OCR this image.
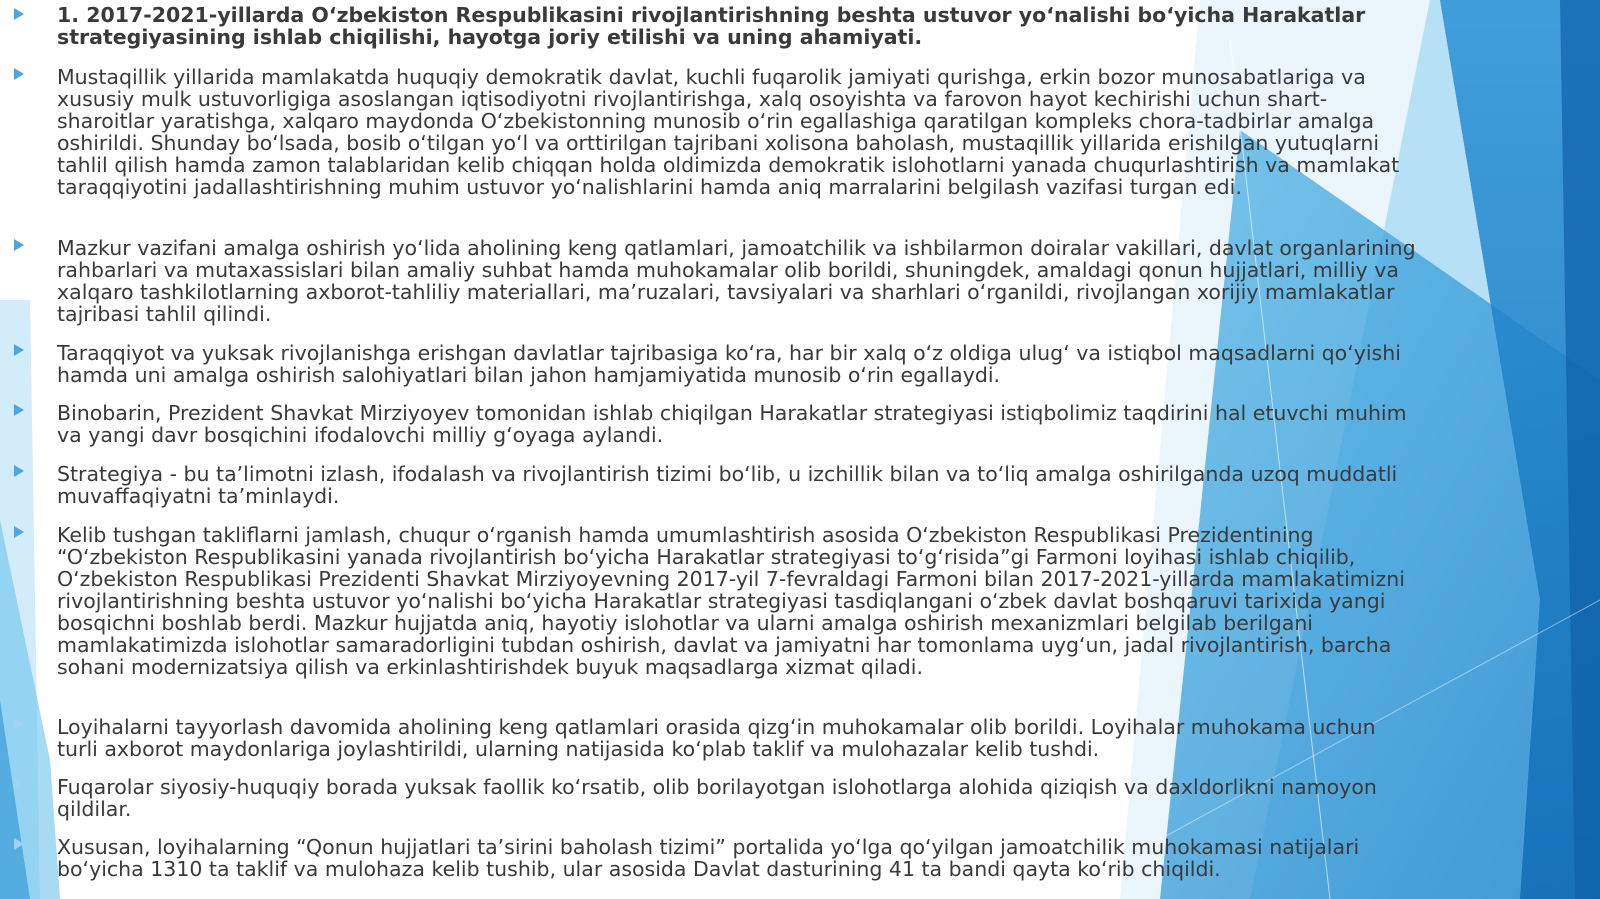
1. 2017-2021-yillarda O‘zbekiston Respublikasini rivojlantirishning beshta ustuvor yo‘nalishi bo‘yicha Harakatlar strategiyasining ishlab chiqilishi, hayotga joriy etilishi va uning ahamiyati.

Mustaqillik yillarida mamlakatda huquqiy demokratik davlat, kuchli fuqarolik jamiyati qurishga, erkin bozor munosabatlariga va xususiy mulk ustuvorligiga asoslangan iqtisodiyotni rivojlantirishga, xalq osoyishta va farovon hayot kechirishi uchun shart-sharoitlar yaratishga, xalqaro maydonda O‘zbekistonning munosib o‘rin egallashiga qaratilgan kompleks chora-tadbirlar amalga oshirildi. Shunday bo‘lsada, bosib o‘tilgan yo‘l va orttirilgan tajribani xolisona baholash, mustaqillik yillarida erishilgan yutuqlarni tahlil qilish hamda zamon talablaridan kelib chiqqan holda oldimizda demokratik islohotlarni yanada chuqurlashtirish va mamlakat taraqqiyotini jadallashtirishning muhim ustuvor yo‘nalishlarini hamda aniq marralarini belgilash vazifasi turgan edi.

Mazkur vazifani amalga oshirish yo‘lida aholining keng qatlamlari, jamoatchilik va ishbilarmon doiralar vakillari, davlat organlarining rahbarlari va mutaxassislari bilan amaliy suhbat hamda muhokamalar olib borildi, shuningdek, amaldagi qonun hujjatlari, milliy va xalqaro tashkilotlarning axborot-tahliliy materiallari, ma’ruzalari, tavsiyalari va sharhlari o‘rganildi, rivojlangan xorijiy mamlakatlar tajribasi tahlil qilindi.

Taraqqiyot va yuksak rivojlanishga erishgan davlatlar tajribasiga ko‘ra, har bir xalq o‘z oldiga ulug‘ va istiqbol maqsadlarni qo‘yishi hamda uni amalga oshirish salohiyatlari bilan jahon hamjamiyatida munosib o‘rin egallaydi.

Binobarin, Prezident Shavkat Mirziyoyev tomonidan ishlab chiqilgan Harakatlar strategiyasi istiqbolimiz taqdirini hal etuvchi muhim va yangi davr bosqichini ifodalovchi milliy g‘oyaga aylandi.

Strategiya - bu ta’limotni izlash, ifodalash va rivojlantirish tizimi bo‘lib, u izchillik bilan va to‘liq amalga oshirilganda uzoq muddatli muvaffaqiyatni ta’minlaydi.

Kelib tushgan takliflarni jamlash, chuqur o‘rganish hamda umumlashtirish asosida O‘zbekiston Respublikasi Prezidentining “O‘zbekiston Respublikasini yanada rivojlantirish bo‘yicha Harakatlar strategiyasi to‘g‘risida”gi Farmoni loyihasi ishlab chiqilib, O‘zbekiston Respublikasi Prezidenti Shavkat Mirziyoyevning 2017-yil 7-fevraldagi Farmoni bilan 2017-2021-yillarda mamlakatimizni rivojlantirishning beshta ustuvor yo‘nalishi bo‘yicha Harakatlar strategiyasi tasdiqlangani o‘zbek davlat boshqaruvi tarixida yangi bosqichni boshlab berdi. Mazkur hujjatda aniq, hayotiy islohotlar va ularni amalga oshirish mexanizmlari belgilab berilgani mamlakatimizda islohotlar samaradorligini tubdan oshirish, davlat va jamiyatni har tomonlama uyg‘un, jadal rivojlantirish, barcha sohani modernizatsiya qilish va erkinlashtirishdek buyuk maqsadlarga xizmat qiladi.

Loyihalarni tayyorlash davomida aholining keng qatlamlari orasida qizg‘in muhokamalar olib borildi. Loyihalar muhokama uchun turli axborot maydonlariga joylashtirildi, ularning natijasida ko‘plab taklif va mulohazalar kelib tushdi.

Fuqarolar siyosiy-huquqiy borada yuksak faollik ko‘rsatib, olib borilayotgan islohotlarga alohida qiziqish va daxldorlikni namoyon qildilar.

Xususan, loyihalarning “Qonun hujjatlari ta’sirini baholash tizimi” portalida yo‘lga qo‘yilgan jamoatchilik muhokamasi natijalari bo‘yicha 1310 ta taklif va mulohaza kelib tushib, ular asosida Davlat dasturining 41 ta bandi qayta ko‘rib chiqildi.
